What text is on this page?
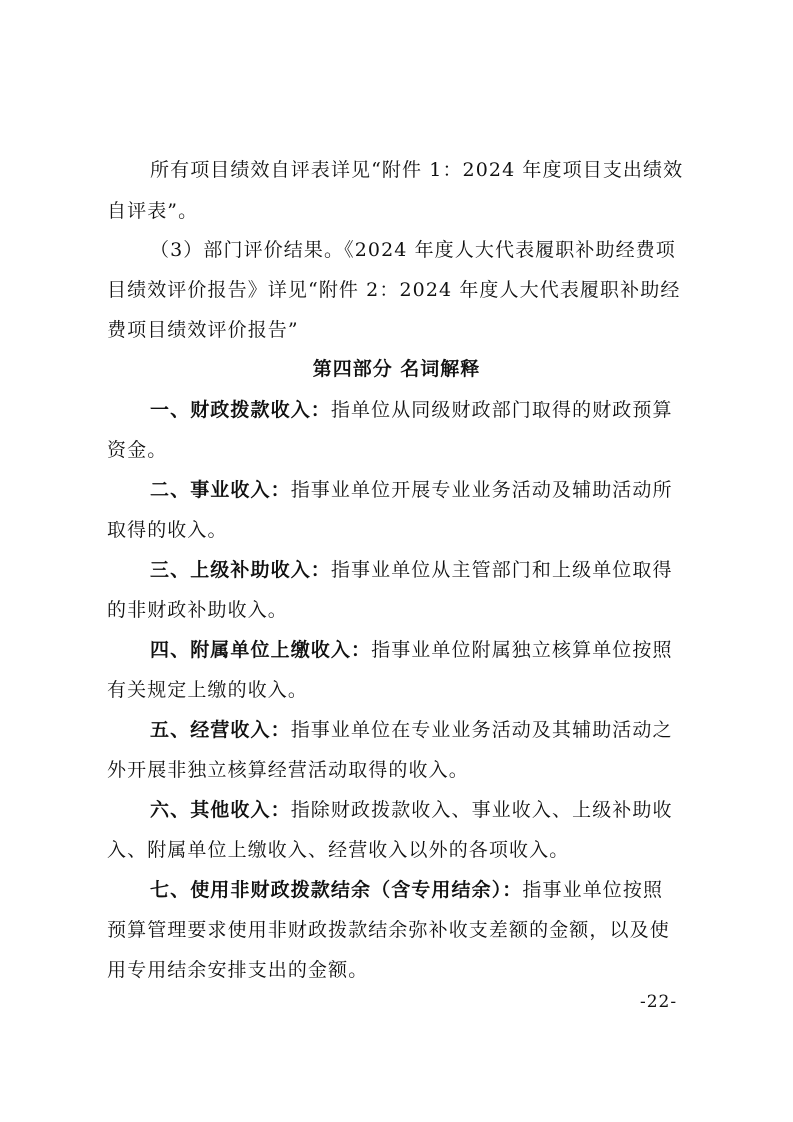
所有项目绩效自评表详见“附件 1：2024 年度项目支出绩效
自评表”。
（3）部门评价结果。《2024 年度人大代表履职补助经费项
目绩效评价报告》详见“附件 2：2024 年度人大代表履职补助经
费项目绩效评价报告”
第四部分 名词解释
一、财政拨款收入：指单位从同级财政部门取得的财政预算
资金。
二、事业收入：指事业单位开展专业业务活动及辅助活动所
取得的收入。
三、上级补助收入：指事业单位从主管部门和上级单位取得
的非财政补助收入。
四、附属单位上缴收入：指事业单位附属独立核算单位按照
有关规定上缴的收入。
五、经营收入：指事业单位在专业业务活动及其辅助活动之
外开展非独立核算经营活动取得的收入。
六、其他收入：指除财政拨款收入、事业收入、上级补助收
入、附属单位上缴收入、经营收入以外的各项收入。
七、使用非财政拨款结余（含专用结余）：指事业单位按照
预算管理要求使用非财政拨款结余弥补收支差额的金额，以及使
用专用结余安排支出的金额。
-22-
